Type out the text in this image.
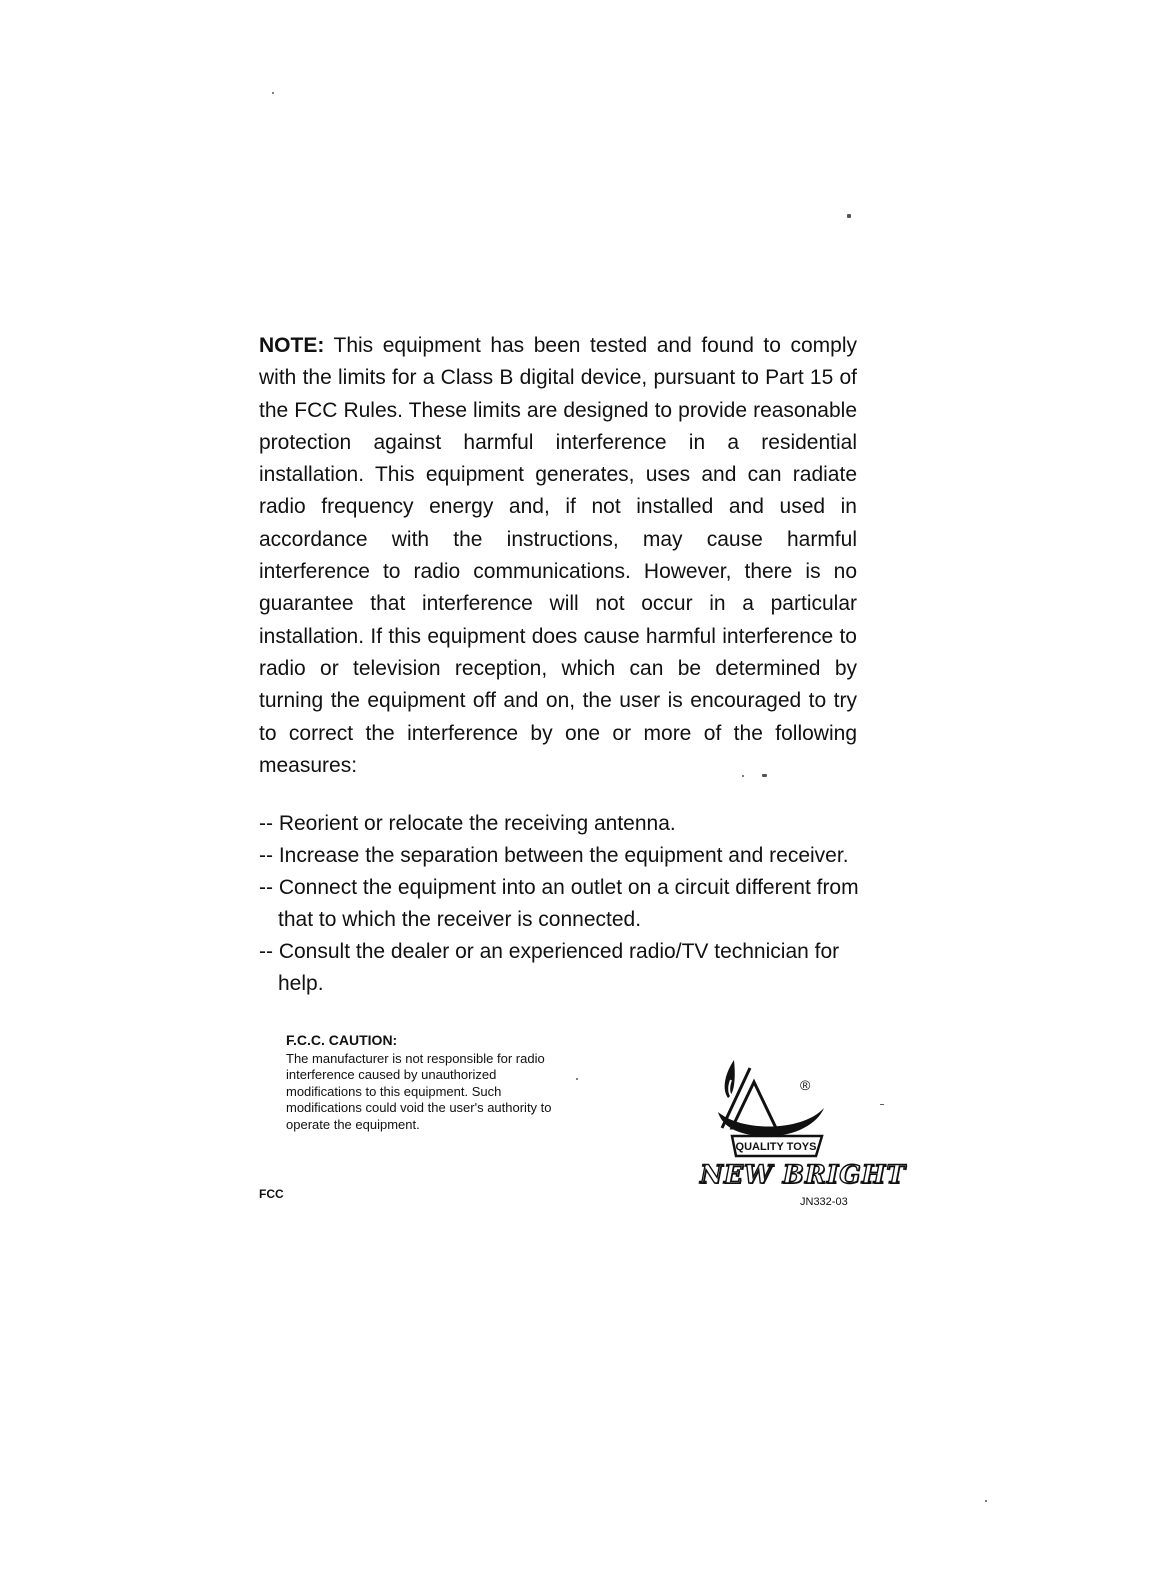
NOTE: This equipment has been tested and found to comply with the limits for a Class B digital device, pursuant to Part 15 of the FCC Rules. These limits are designed to provide reasonable protection against harmful interference in a residential installation. This equipment generates, uses and can radiate radio frequency energy and, if not installed and used in accordance with the instructions, may cause harmful interference to radio communications. However, there is no guarantee that interference will not occur in a particular installation. If this equipment does cause harmful interference to radio or television reception, which can be determined by turning the equipment off and on, the user is encouraged to try to correct the interference by one or more of the following measures:

-- Reorient or relocate the receiving antenna.
-- Increase the separation between the equipment and receiver.
-- Connect the equipment into an outlet on a circuit different from that to which the receiver is connected.
-- Consult the dealer or an experienced radio/TV technician for help.
F.C.C. CAUTION:
The manufacturer is not responsible for radio interference caused by unauthorized modifications to this equipment. Such modifications could void the user's authority to operate the equipment.
FCC
®
QUALITY TOYS
NEW BRIGHT
JN332-03
